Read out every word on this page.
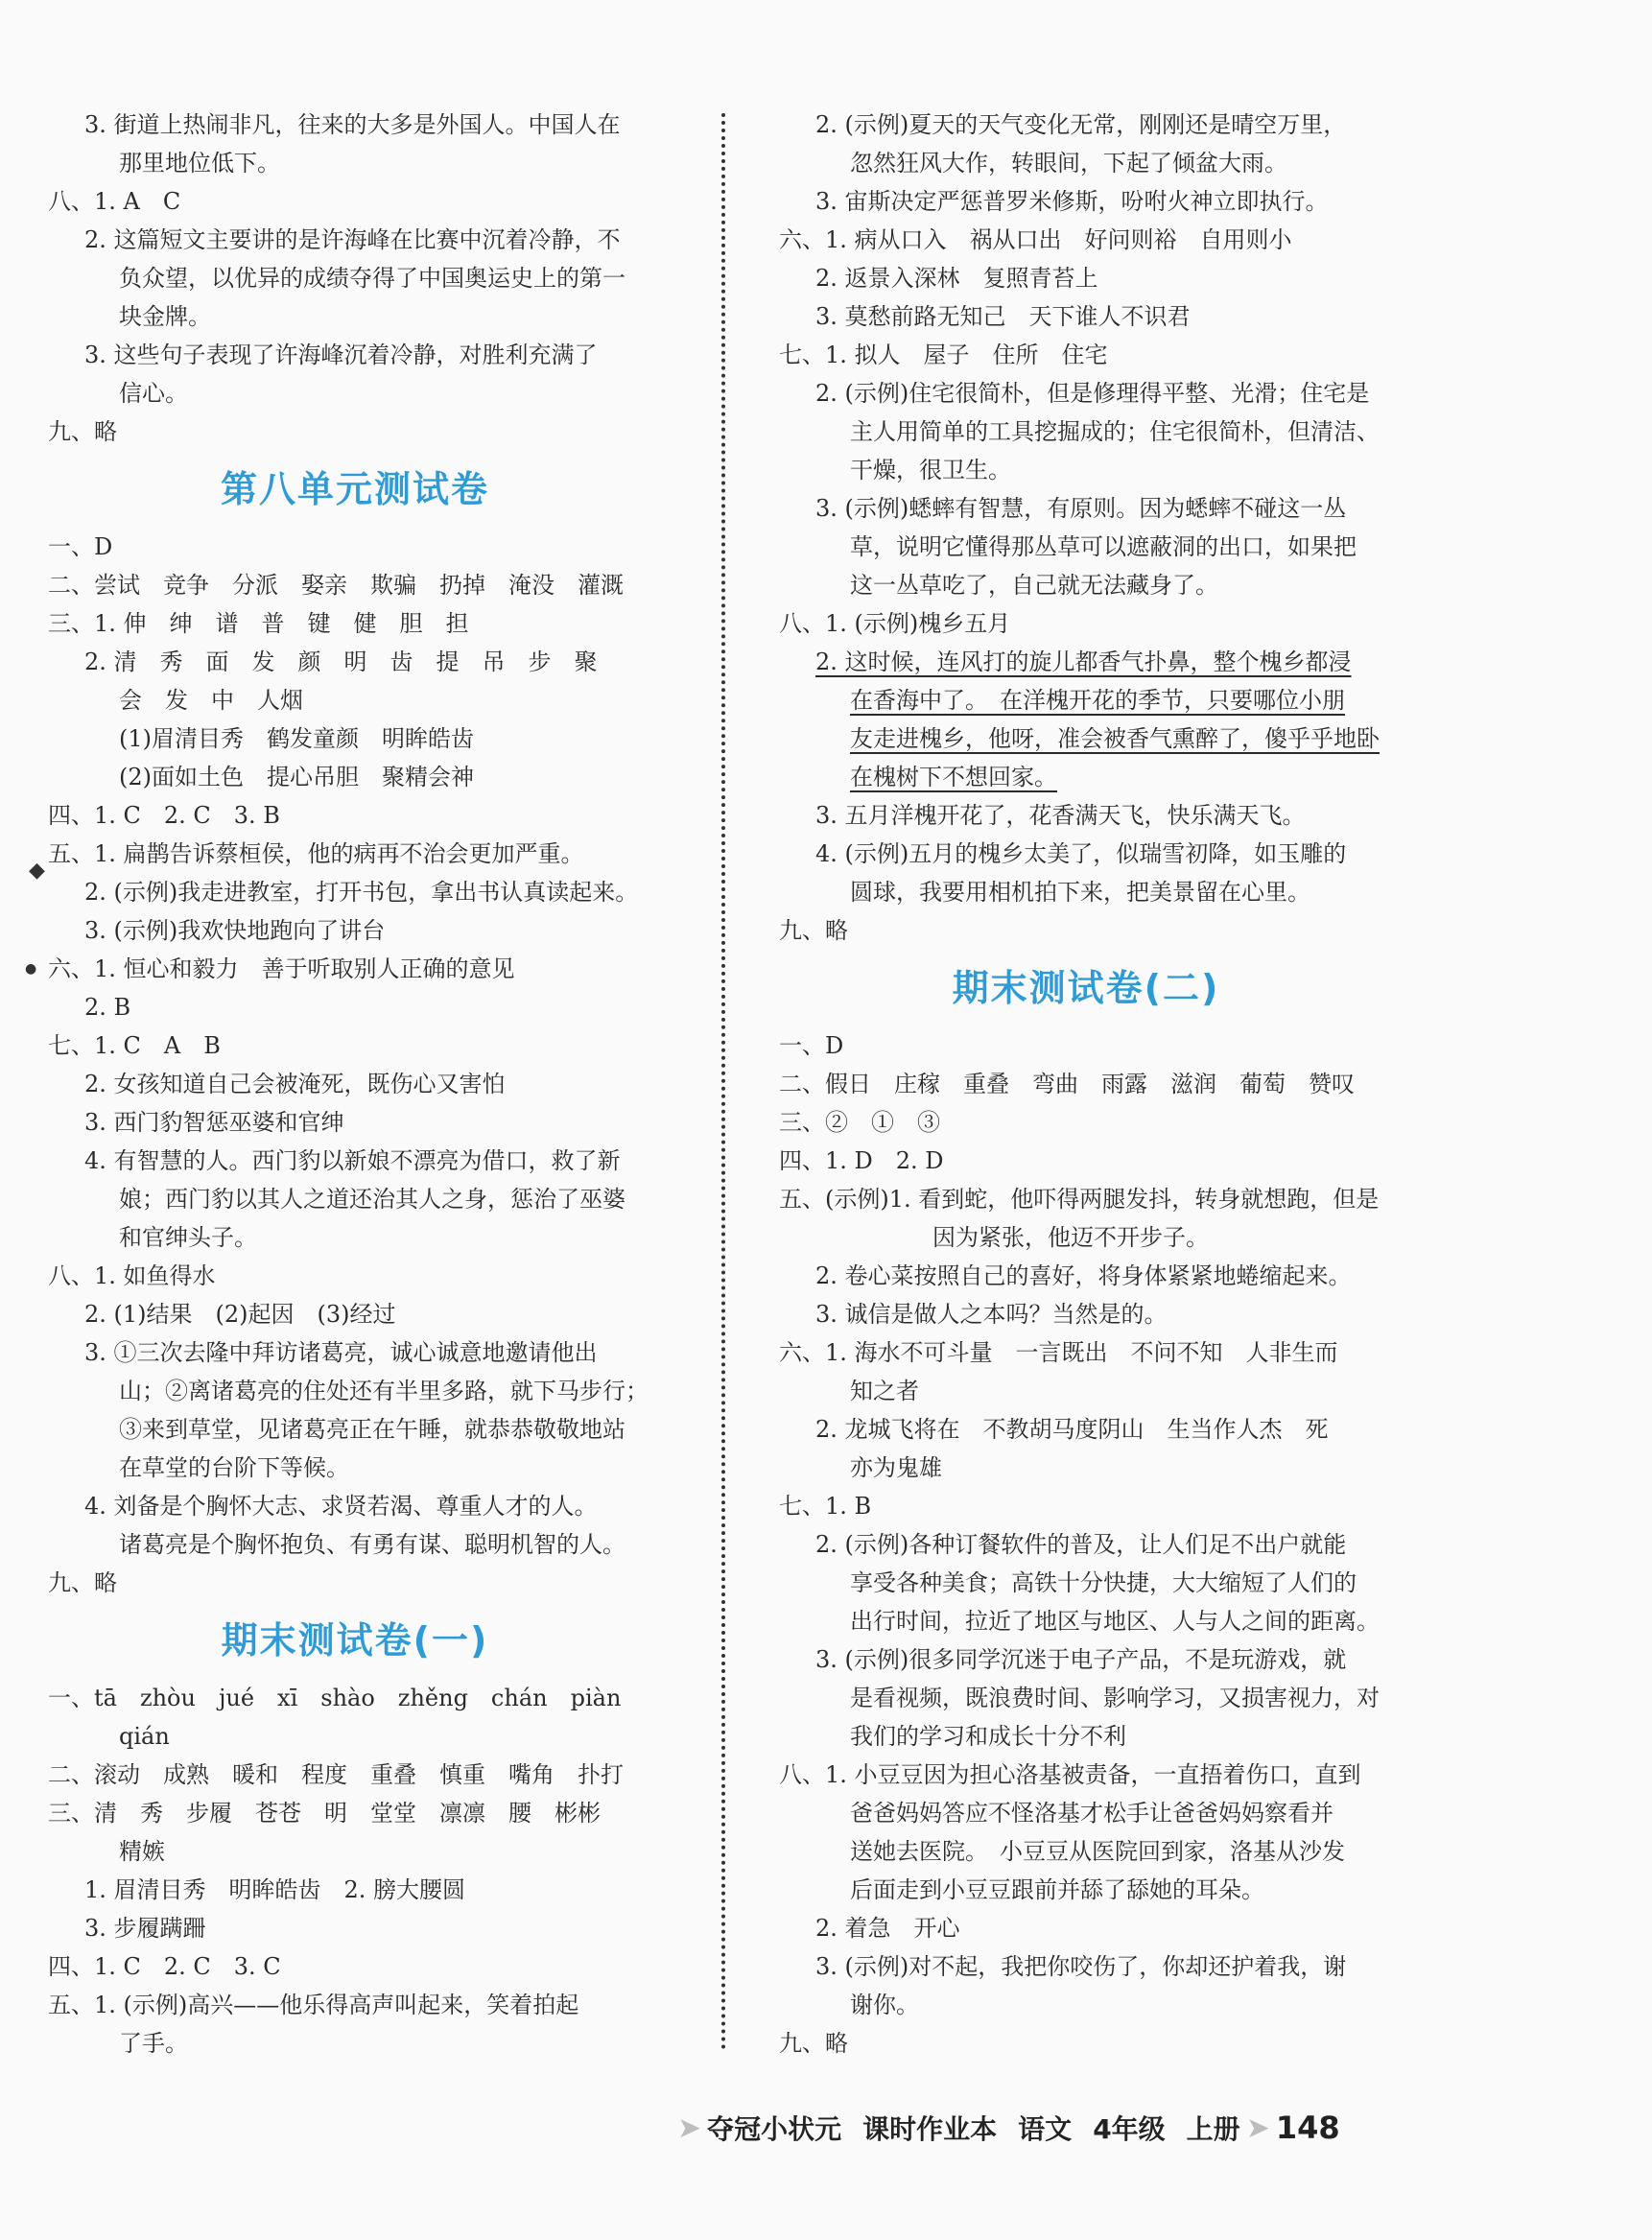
3. 街道上热闹非凡，往来的大多是外国人。中国人在
那里地位低下。
八、1. A　C
2. 这篇短文主要讲的是许海峰在比赛中沉着冷静，不
负众望，以优异的成绩夺得了中国奥运史上的第一
块金牌。
3. 这些句子表现了许海峰沉着冷静，对胜利充满了
信心。
九、略
第八单元测试卷
一、D
二、尝试　竞争　分派　娶亲　欺骗　扔掉　淹没　灌溉
三、1. 伸　绅　谱　普　键　健　胆　担
2. 清　秀　面　发　颜　明　齿　提　吊　步　聚
会　发　中　人烟
(1)眉清目秀　鹤发童颜　明眸皓齿
(2)面如土色　提心吊胆　聚精会神
四、1. C　2. C　3. B
五、1. 扁鹊告诉蔡桓侯，他的病再不治会更加严重。
2. (示例)我走进教室，打开书包，拿出书认真读起来。
3. (示例)我欢快地跑向了讲台
六、1. 恒心和毅力　善于听取别人正确的意见
2. B
七、1. C　A　B
2. 女孩知道自己会被淹死，既伤心又害怕
3. 西门豹智惩巫婆和官绅
4. 有智慧的人。西门豹以新娘不漂亮为借口，救了新
娘；西门豹以其人之道还治其人之身，惩治了巫婆
和官绅头子。
八、1. 如鱼得水
2. (1)结果　(2)起因　(3)经过
3. ①三次去隆中拜访诸葛亮，诚心诚意地邀请他出
山；②离诸葛亮的住处还有半里多路，就下马步行；
③来到草堂，见诸葛亮正在午睡，就恭恭敬敬地站
在草堂的台阶下等候。
4. 刘备是个胸怀大志、求贤若渴、尊重人才的人。
诸葛亮是个胸怀抱负、有勇有谋、聪明机智的人。
九、略
期末测试卷(一)
一、tā　zhòu　jué　xī　shào　zhěng　chán　piàn
qián
二、滚动　成熟　暖和　程度　重叠　慎重　嘴角　扑打
三、清　秀　步履　苍苍　明　堂堂　凛凛　腰　彬彬
精嫉
1. 眉清目秀　明眸皓齿　2. 膀大腰圆
3. 步履蹒跚
四、1. C　2. C　3. C
五、1. (示例)高兴——他乐得高声叫起来，笑着拍起
了手。
2. (示例)夏天的天气变化无常，刚刚还是晴空万里，
忽然狂风大作，转眼间，下起了倾盆大雨。
3. 宙斯决定严惩普罗米修斯，吩咐火神立即执行。
六、1. 病从口入　祸从口出　好问则裕　自用则小
2. 返景入深林　复照青苔上
3. 莫愁前路无知己　天下谁人不识君
七、1. 拟人　屋子　住所　住宅
2. (示例)住宅很简朴，但是修理得平整、光滑；住宅是
主人用简单的工具挖掘成的；住宅很简朴，但清洁、
干燥，很卫生。
3. (示例)蟋蟀有智慧，有原则。因为蟋蟀不碰这一丛
草，说明它懂得那丛草可以遮蔽洞的出口，如果把
这一丛草吃了，自己就无法藏身了。
八、1. (示例)槐乡五月
2. 这时候，连风打的旋儿都香气扑鼻，整个槐乡都浸
在香海中了。　在洋槐开花的季节，只要哪位小朋
友走进槐乡，他呀，准会被香气熏醉了，傻乎乎地卧
在槐树下不想回家。
3. 五月洋槐开花了，花香满天飞，快乐满天飞。
4. (示例)五月的槐乡太美了，似瑞雪初降，如玉雕的
圆球，我要用相机拍下来，把美景留在心里。
九、略
期末测试卷(二)
一、D
二、假日　庄稼　重叠　弯曲　雨露　滋润　葡萄　赞叹
三、②　①　③
四、1. D　2. D
五、(示例)1. 看到蛇，他吓得两腿发抖，转身就想跑，但是
因为紧张，他迈不开步子。
2. 卷心菜按照自己的喜好，将身体紧紧地蜷缩起来。
3. 诚信是做人之本吗？当然是的。
六、1. 海水不可斗量　一言既出　不问不知　人非生而
知之者
2. 龙城飞将在　不教胡马度阴山　生当作人杰　死
亦为鬼雄
七、1. B
2. (示例)各种订餐软件的普及，让人们足不出户就能
享受各种美食；高铁十分快捷，大大缩短了人们的
出行时间，拉近了地区与地区、人与人之间的距离。
3. (示例)很多同学沉迷于电子产品，不是玩游戏，就
是看视频，既浪费时间、影响学习，又损害视力，对
我们的学习和成长十分不利
八、1. 小豆豆因为担心洛基被责备，一直捂着伤口，直到
爸爸妈妈答应不怪洛基才松手让爸爸妈妈察看并
送她去医院。　小豆豆从医院回到家，洛基从沙发
后面走到小豆豆跟前并舔了舔她的耳朵。
2. 着急　开心
3. (示例)对不起，我把你咬伤了，你却还护着我，谢
谢你。
九、略
◆
●
➤ 夺冠小状元 课时作业本 语文 4年级 上册 ➤ 148
